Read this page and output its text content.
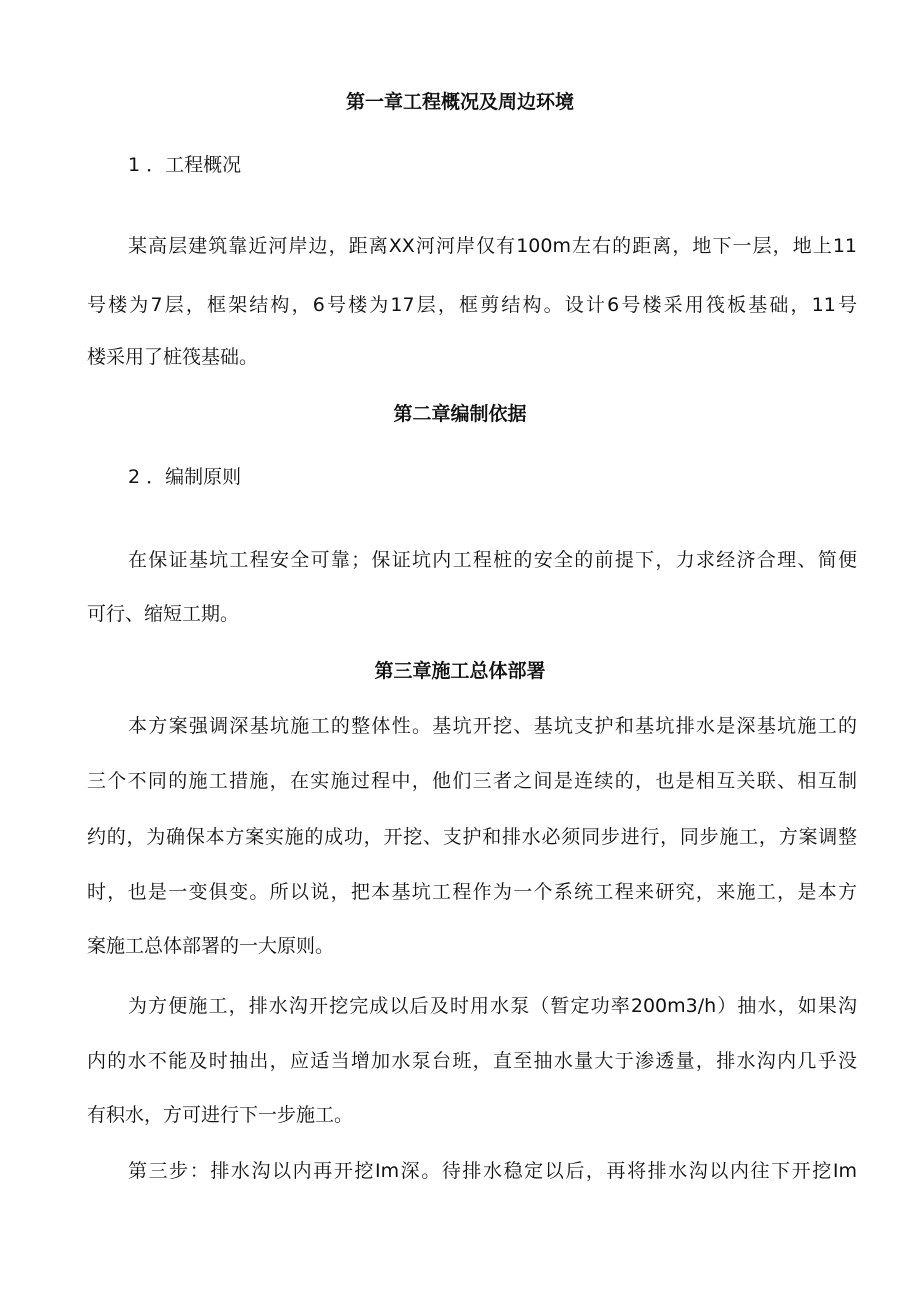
第一章工程概况及周边环境
1 ．工程概况
某高层建筑靠近河岸边，距离XX河河岸仅有100m左右的距离，地下一层，地上11
号楼为7层，框架结构，6号楼为17层，框剪结构。设计6号楼采用筏板基础，11号
楼采用了桩筏基础。
第二章编制依据
2 ．编制原则
在保证基坑工程安全可靠；保证坑内工程桩的安全的前提下，力求经济合理、简便
可行、缩短工期。
第三章施工总体部署
本方案强调深基坑施工的整体性。基坑开挖、基坑支护和基坑排水是深基坑施工的
三个不同的施工措施，在实施过程中，他们三者之间是连续的，也是相互关联、相互制
约的，为确保本方案实施的成功，开挖、支护和排水必须同步进行，同步施工，方案调整
时，也是一变俱变。所以说，把本基坑工程作为一个系统工程来研究，来施工，是本方
案施工总体部署的一大原则。
为方便施工，排水沟开挖完成以后及时用水泵（暂定功率200m3/h）抽水，如果沟
内的水不能及时抽出，应适当增加水泵台班，直至抽水量大于渗透量，排水沟内几乎没
有积水，方可进行下一步施工。
第三步：排水沟以内再开挖Im深。待排水稳定以后，再将排水沟以内往下开挖Im
